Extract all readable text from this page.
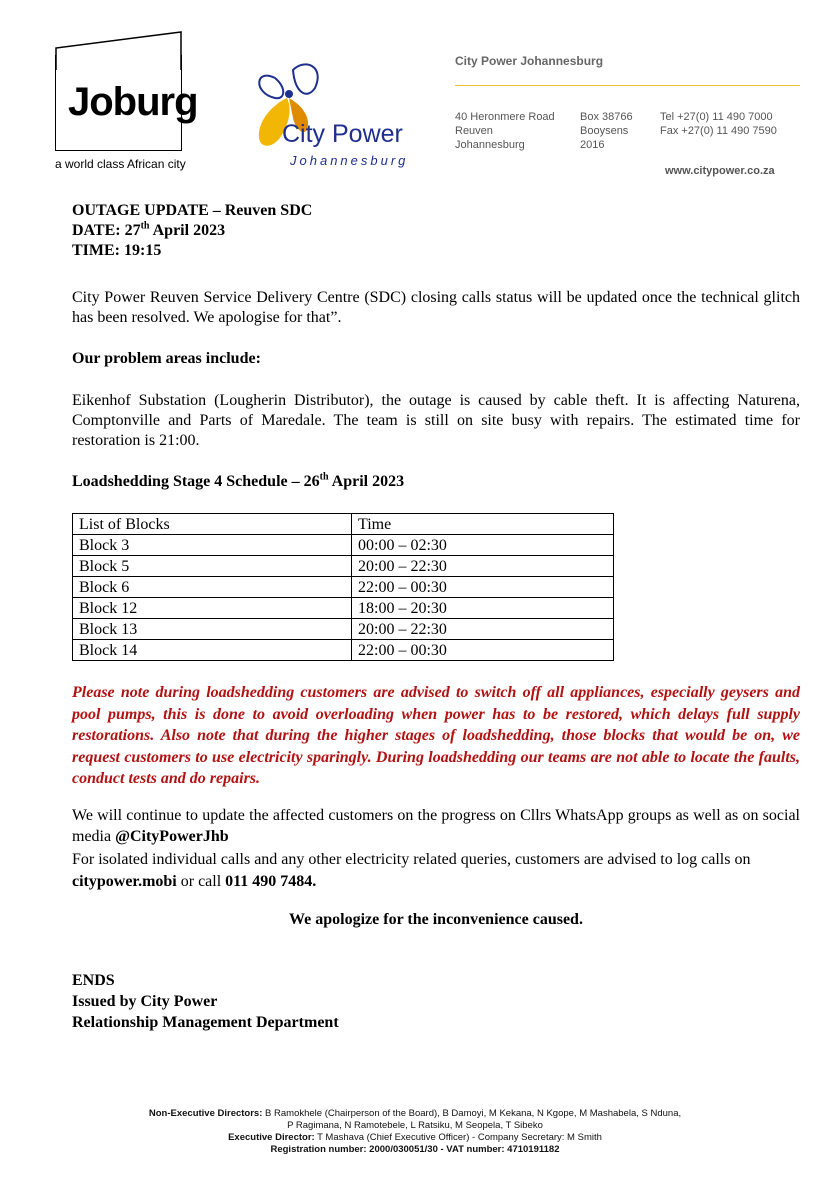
Joburg
a world class African city
City Power
Johannesburg
City Power Johannesburg
40 Heronmere Road
Reuven
Johannesburg
Box 38766
Booysens
2016
Tel +27(0) 11 490 7000
Fax +27(0) 11 490 7590
www.citypower.co.za
OUTAGE UPDATE – Reuven SDC
DATE: 27th April 2023
TIME: 19:15
City Power Reuven Service Delivery Centre (SDC) closing calls status will be updated once the technical glitch has been resolved. We apologise for that”.
Our problem areas include:
Eikenhof Substation (Lougherin Distributor), the outage is caused by cable theft. It is affecting Naturena, Comptonville and Parts of Maredale. The team is still on site busy with repairs. The estimated time for restoration is 21:00.
Loadshedding Stage 4 Schedule – 26th April 2023
List of Blocks	Time
Block 3	00:00 – 02:30
Block 5	20:00 – 22:30
Block 6	22:00 – 00:30
Block 12	18:00 – 20:30
Block 13	20:00 – 22:30
Block 14	22:00 – 00:30
Please note during loadshedding customers are advised to switch off all appliances, especially geysers and pool pumps, this is done to avoid overloading when power has to be restored, which delays full supply restorations. Also note that during the higher stages of loadshedding, those blocks that would be on, we request customers to use electricity sparingly. During loadshedding our teams are not able to locate the faults, conduct tests and do repairs.
We will continue to update the affected customers on the progress on Cllrs WhatsApp groups as well as on social media @CityPowerJhb
For isolated individual calls and any other electricity related queries, customers are advised to log calls on citypower.mobi or call 011 490 7484.
We apologize for the inconvenience caused.
ENDS
Issued by City Power
Relationship Management Department
Non-Executive Directors: B Ramokhele (Chairperson of the Board), B Damoyi, M Kekana, N Kgope, M Mashabela, S Nduna,
P Ragimana, N Ramotebele, L Ratsiku, M Seopela, T Sibeko
Executive Director: T Mashava (Chief Executive Officer) - Company Secretary: M Smith
Registration number: 2000/030051/30 - VAT number: 4710191182
